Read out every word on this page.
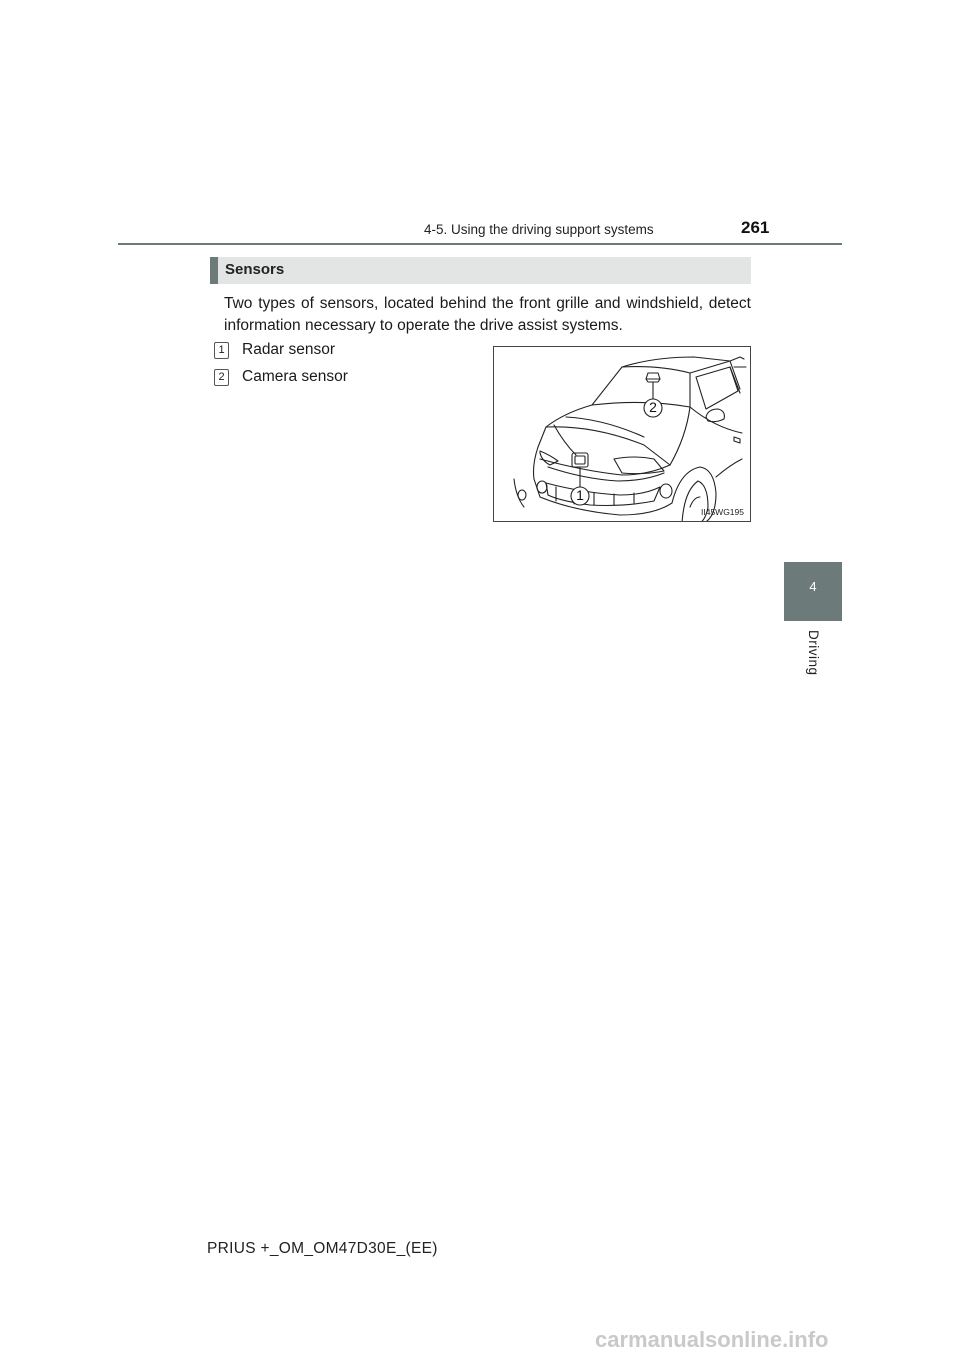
4-5. Using the driving support systems	261
4
Driving
Sensors
Two types of sensors, located behind the front grille and windshield, detect information necessary to operate the drive assist systems.
1 Radar sensor
2 Camera sensor
2
1
II45WG195
PRIUS +_OM_OM47D30E_(EE)
carmanualsonline.info
